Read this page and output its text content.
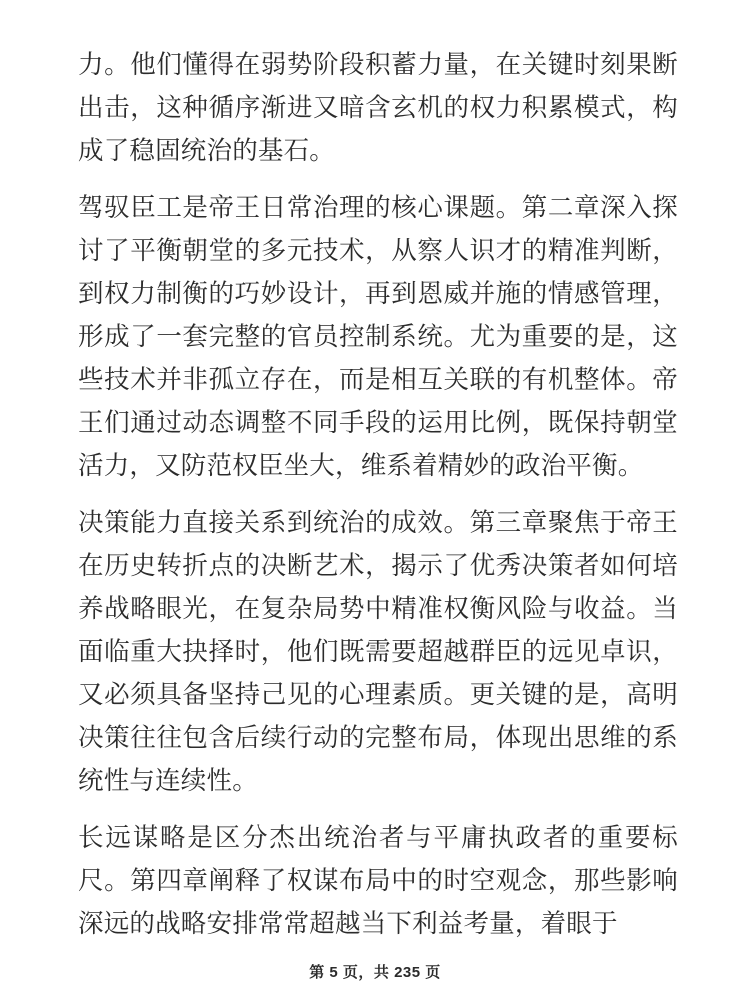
力。他们懂得在弱势阶段积蓄力量，在关键时刻果断出击，这种循序渐进又暗含玄机的权力积累模式，构成了稳固统治的基石。

驾驭臣工是帝王日常治理的核心课题。第二章深入探讨了平衡朝堂的多元技术，从察人识才的精准判断，到权力制衡的巧妙设计，再到恩威并施的情感管理，形成了一套完整的官员控制系统。尤为重要的是，这些技术并非孤立存在，而是相互关联的有机整体。帝王们通过动态调整不同手段的运用比例，既保持朝堂活力，又防范权臣坐大，维系着精妙的政治平衡。

决策能力直接关系到统治的成效。第三章聚焦于帝王在历史转折点的决断艺术，揭示了优秀决策者如何培养战略眼光，在复杂局势中精准权衡风险与收益。当面临重大抉择时，他们既需要超越群臣的远见卓识，又必须具备坚持己见的心理素质。更关键的是，高明决策往往包含后续行动的完整布局，体现出思维的系统性与连续性。

长远谋略是区分杰出统治者与平庸执政者的重要标尺。第四章阐释了权谋布局中的时空观念，那些影响深远的战略安排常常超越当下利益考量，着眼于

第 5 页，共 235 页
